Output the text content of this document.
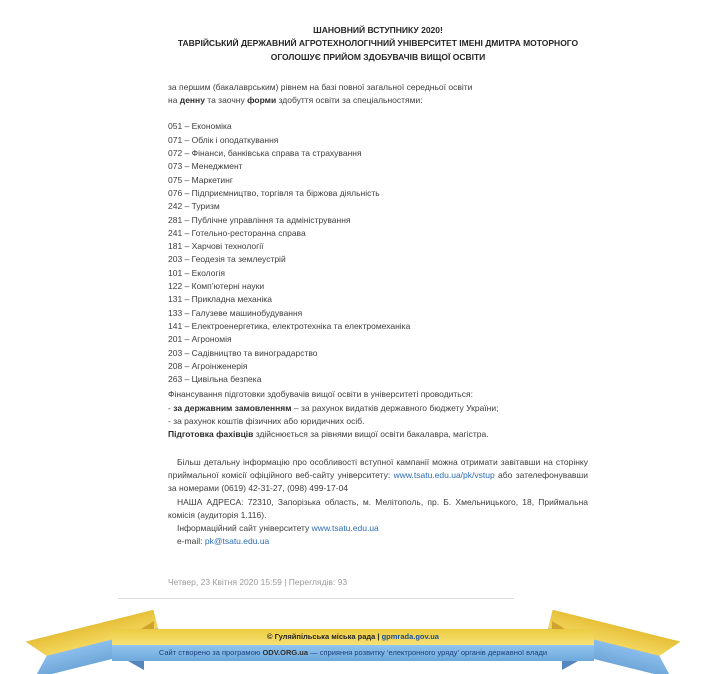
ШАНОВНИЙ ВСТУПНИКУ 2020!
ТАВРІЙСЬКИЙ ДЕРЖАВНИЙ АГРОТЕХНОЛОГІЧНИЙ УНІВЕРСИТЕТ ІМЕНІ ДМИТРА МОТОРНОГО
ОГОЛОШУЄ ПРИЙОМ ЗДОБУВАЧІВ ВИЩОЇ ОСВІТИ
за першим (бакалаврським) рівнем на базі повної загальної середньої освіти
на денну та заочну форми здобуття освіти за спеціальностями:
051 – Економіка
071 – Облік і оподаткування
072 – Фінанси, банківська справа та страхування
073 – Менеджмент
075 – Маркетинг
076 – Підприємництво, торгівля та біржова діяльність
242 – Туризм
281 – Публічне управління та адміністрування
241 – Готельно-ресторанна справа
181 – Харчові технології
203 – Геодезія та землеустрій
101 – Екологія
122 – Комп’ютерні науки
131 – Прикладна механіка
133 – Галузеве машинобудування
141 – Електроенергетика, електротехніка та електромеханіка
201 – Агрономія
203 – Садівництво та виноградарство
208 – Агроінженерія
263 – Цивільна безпека
Фінансування підготовки здобувачів вищої освіти в університеті проводиться:
- за державним замовленням – за рахунок видатків державного бюджету України;
- за рахунок коштів фізичних або юридичних осіб.
Підготовка фахівців здійснюється за рівнями вищої освіти бакалавра, магістра.
Більш детальну інформацію про особливості вступної кампанії можна отримати завітавши на сторінку приймальної комісії офіційного веб-сайту університету: www.tsatu.edu.ua/pk/vstup або зателефонувавши за номерами (0619) 42-31-27, (098) 499-17-04
НАША АДРЕСА: 72310, Запорізька область, м. Мелітополь, пр. Б. Хмельницького, 18, Приймальна комісія (аудиторія 1.116).
Інформаційний сайт університету www.tsatu.edu.ua
e-mail: pk@tsatu.edu.ua
Четвер, 23 Квітня 2020 15:59 | Переглядів: 93
© Гуляйпільська міська рада | gpmrada.gov.ua
Сайт створено за програмою ODV.ORG.ua — сприяння розвитку ‘електронного уряду’ органів державної влади
